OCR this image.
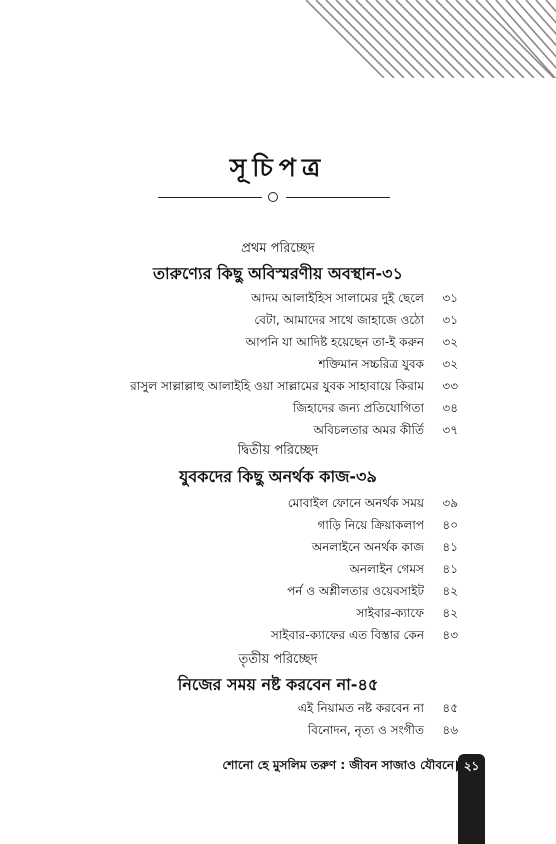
সূচিপত্র
প্রথম পরিচ্ছেদ
তারুণ্যের কিছু অবিস্মরণীয় অবস্থান-৩১
আদম আলাইহিস সালামের দুই ছেলে	৩১
বেটা, আমাদের সাথে জাহাজে ওঠো	৩১
আপনি যা আদিষ্ট হয়েছেন তা-ই করুন	৩২
শক্তিমান সচ্চরিত্র যুবক	৩২
রাসুল সাল্লাল্লাহু আলাইহি ওয়া সাল্লামের যুবক সাহাবায়ে কিরাম	৩৩
জিহাদের জন্য প্রতিযোগিতা	৩৪
অবিচলতার অমর কীর্তি	৩৭
দ্বিতীয় পরিচ্ছেদ
যুবকদের কিছু অনর্থক কাজ-৩৯
মোবাইল ফোনে অনর্থক সময়	৩৯
গাড়ি নিয়ে ক্রিয়াকলাপ	৪০
অনলাইনে অনর্থক কাজ	৪১
অনলাইন গেমস	৪১
পর্ন ও অশ্লীলতার ওয়েবসাইট	৪২
সাইবার-ক্যাফে	৪২
সাইবার-ক্যাফের এত বিস্তার কেন	৪৩
তৃতীয় পরিচ্ছেদ
নিজের সময় নষ্ট করবেন না-৪৫
এই নিয়ামত নষ্ট করবেন না	৪৫
বিনোদন, নৃত্য ও সংগীত	৪৬
শোনো হে মুসলিম তরুণ : জীবন সাজাও যৌবনে ২১
